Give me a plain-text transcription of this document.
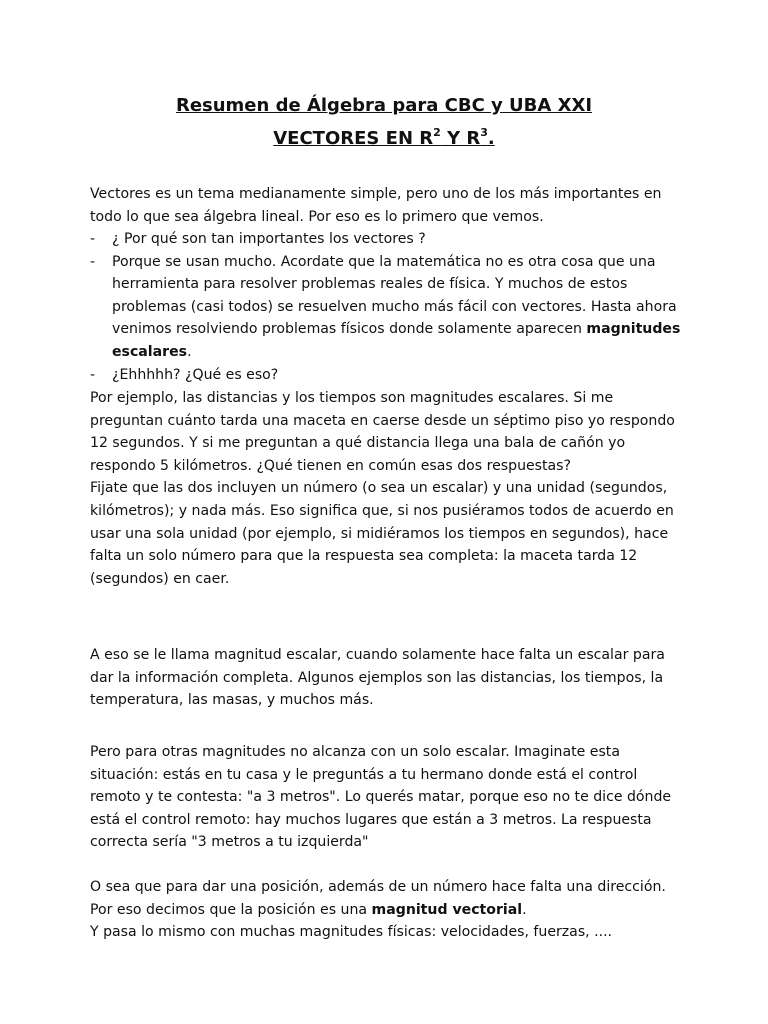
Resumen de Álgebra para CBC y UBA XXI
VECTORES EN $R^2$ Y $R^3$.

Vectores es un tema medianamente simple, pero uno de los más importantes en todo lo que sea álgebra lineal. Por eso es lo primero que vemos.

- ¿ Por qué son tan importantes los vectores ?
- Porque se usan mucho. Acordate que la matemática no es otra cosa que una herramienta para resolver problemas reales de física. Y muchos de estos problemas (casi todos) se resuelven mucho más fácil con vectores. Hasta ahora venimos resolviendo problemas físicos donde solamente aparecen magnitudes escalares.
- ¿Ehhhhh? ¿Qué es eso?
Por ejemplo, las distancias y los tiempos son magnitudes escalares. Si me preguntan cuánto tarda una maceta en caerse desde un séptimo piso yo respondo 12 segundos. Y si me preguntan a qué distancia llega una bala de cañón yo respondo 5 kilómetros. ¿Qué tienen en común esas dos respuestas?
Fijate que las dos incluyen un número (o sea un escalar) y una unidad (segundos, kilómetros); y nada más. Eso significa que, si nos pusiéramos todos de acuerdo en usar una sola unidad (por ejemplo, si midiéramos los tiempos en segundos), hace falta un solo número para que la respuesta sea completa: la maceta tarda 12 (segundos) en caer.

A eso se le llama magnitud escalar, cuando solamente hace falta un escalar para dar la información completa. Algunos ejemplos son las distancias, los tiempos, la temperatura, las masas, y muchos más.

Pero para otras magnitudes no alcanza con un solo escalar. Imaginate esta situación: estás en tu casa y le preguntás a tu hermano donde está el control remoto y te contesta: "a 3 metros". Lo querés matar, porque eso no te dice dónde está el control remoto: hay muchos lugares que están a 3 metros. La respuesta correcta sería "3 metros a tu izquierda"

O sea que para dar una posición, además de un número hace falta una dirección. Por eso decimos que la posición es una magnitud vectorial.
Y pasa lo mismo con muchas magnitudes físicas: velocidades, fuerzas, ....
